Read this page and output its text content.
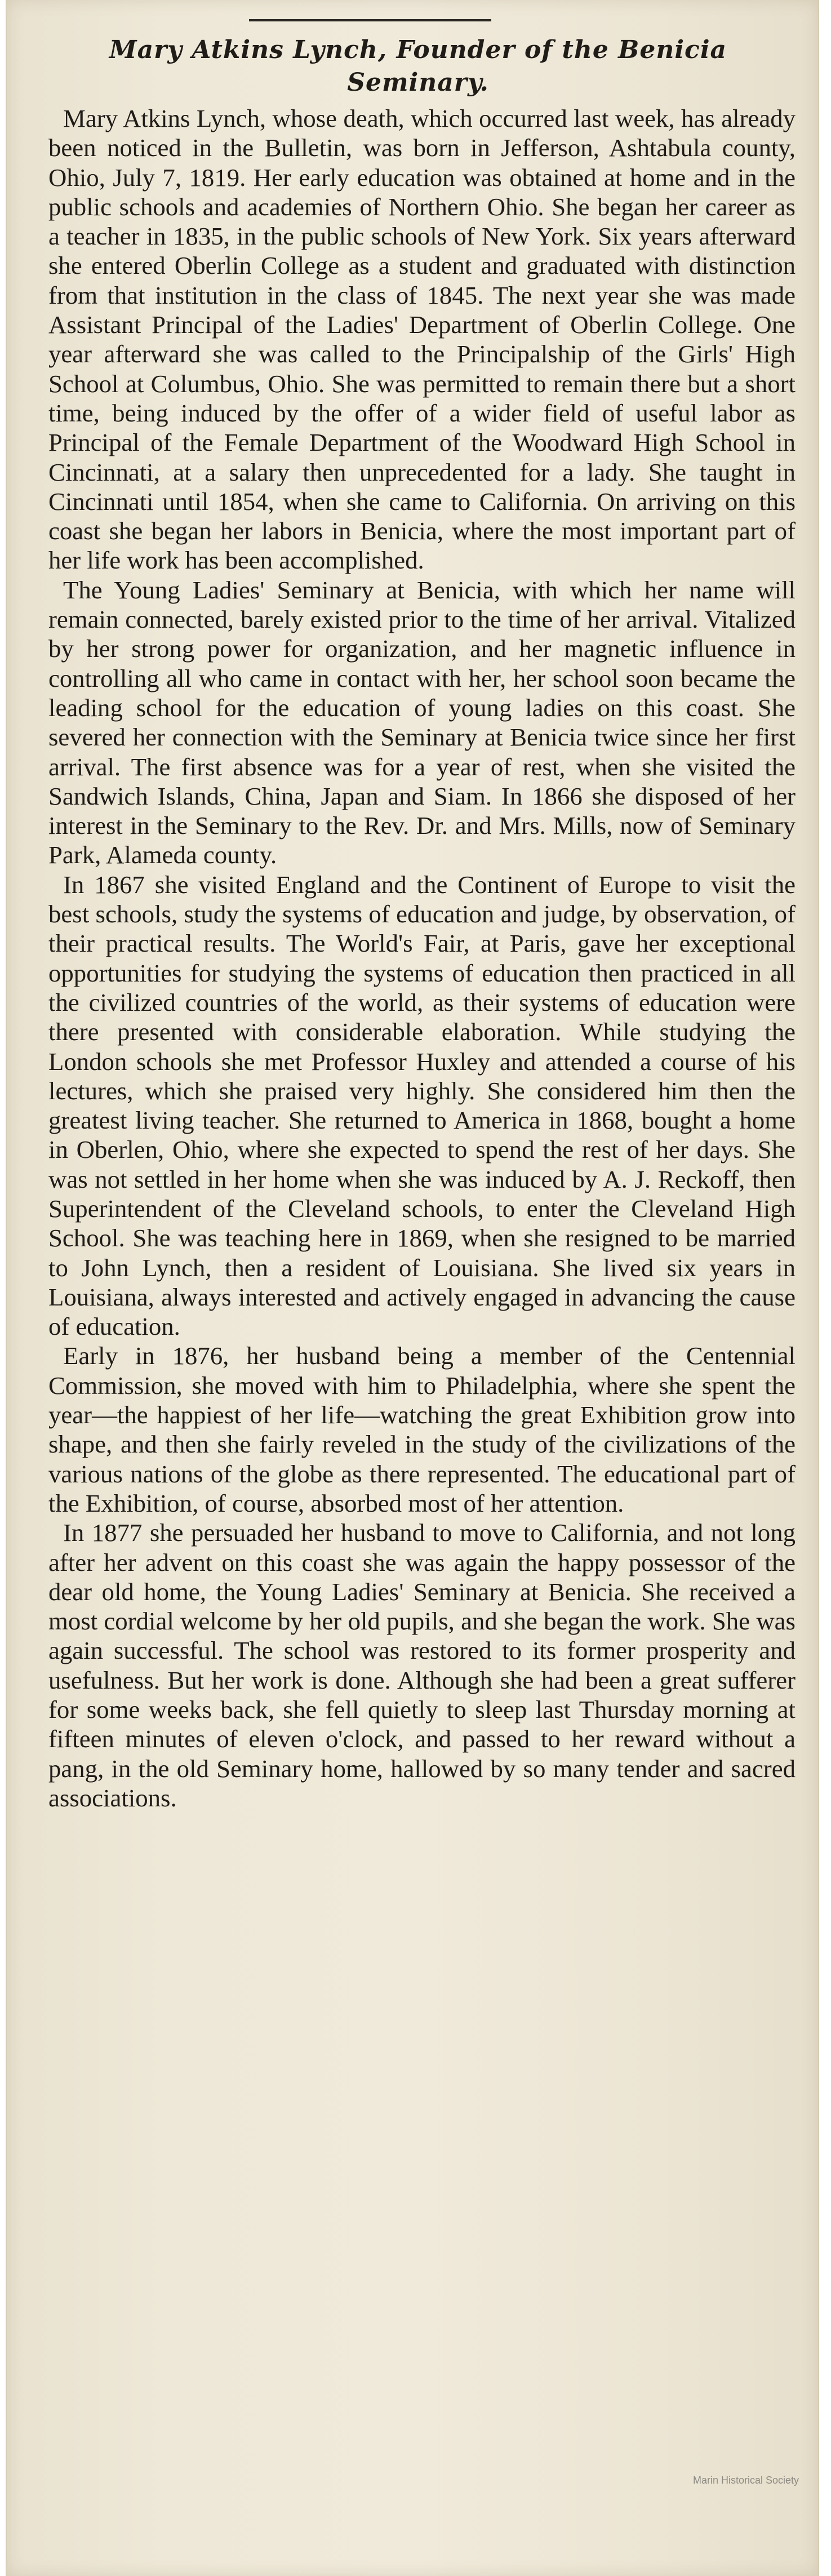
Mary Atkins Lynch, Founder of the Benicia Seminary.

Mary Atkins Lynch, whose death, which occurred last week, has already been noticed in the Bulletin, was born in Jefferson, Ashtabula county, Ohio, July 7, 1819. Her early education was obtained at home and in the public schools and academies of Northern Ohio. She began her career as a teacher in 1835, in the public schools of New York. Six years afterward she entered Oberlin College as a student and graduated with distinction from that institution in the class of 1845. The next year she was made Assistant Principal of the Ladies' Department of Oberlin College. One year afterward she was called to the Principalship of the Girls' High School at Columbus, Ohio. She was permitted to remain there but a short time, being induced by the offer of a wider field of useful labor as Principal of the Female Department of the Woodward High School in Cincinnati, at a salary then unprecedented for a lady. She taught in Cincinnati until 1854, when she came to California. On arriving on this coast she began her labors in Benicia, where the most important part of her life work has been accomplished.

The Young Ladies' Seminary at Benicia, with which her name will remain connected, barely existed prior to the time of her arrival. Vitalized by her strong power for organization, and her magnetic influence in controlling all who came in contact with her, her school soon became the leading school for the education of young ladies on this coast. She severed her connection with the Seminary at Benicia twice since her first arrival. The first absence was for a year of rest, when she visited the Sandwich Islands, China, Japan and Siam. In 1866 she disposed of her interest in the Seminary to the Rev. Dr. and Mrs. Mills, now of Seminary Park, Alameda county.

In 1867 she visited England and the Continent of Europe to visit the best schools, study the systems of education and judge, by observation, of their practical results. The World's Fair, at Paris, gave her exceptional opportunities for studying the systems of education then practiced in all the civilized countries of the world, as their systems of education were there presented with considerable elaboration. While studying the London schools she met Professor Huxley and attended a course of his lectures, which she praised very highly. She considered him then the greatest living teacher. She returned to America in 1868, bought a home in Oberlen, Ohio, where she expected to spend the rest of her days. She was not settled in her home when she was induced by A. J. Reckoff, then Superintendent of the Cleveland schools, to enter the Cleveland High School. She was teaching here in 1869, when she resigned to be married to John Lynch, then a resident of Louisiana. She lived six years in Louisiana, always interested and actively engaged in advancing the cause of education.

Early in 1876, her husband being a member of the Centennial Commission, she moved with him to Philadelphia, where she spent the year—the happiest of her life—watching the great Exhibition grow into shape, and then she fairly reveled in the study of the civilizations of the various nations of the globe as there represented. The educational part of the Exhibition, of course, absorbed most of her attention.

In 1877 she persuaded her husband to move to California, and not long after her advent on this coast she was again the happy possessor of the dear old home, the Young Ladies' Seminary at Benicia. She received a most cordial welcome by her old pupils, and she began the work. She was again successful. The school was restored to its former prosperity and usefulness. But her work is done. Although she had been a great sufferer for some weeks back, she fell quietly to sleep last Thursday morning at fifteen minutes of eleven o'clock, and passed to her reward without a pang, in the old Seminary home, hallowed by so many tender and sacred associations.

Marin Historical Society
